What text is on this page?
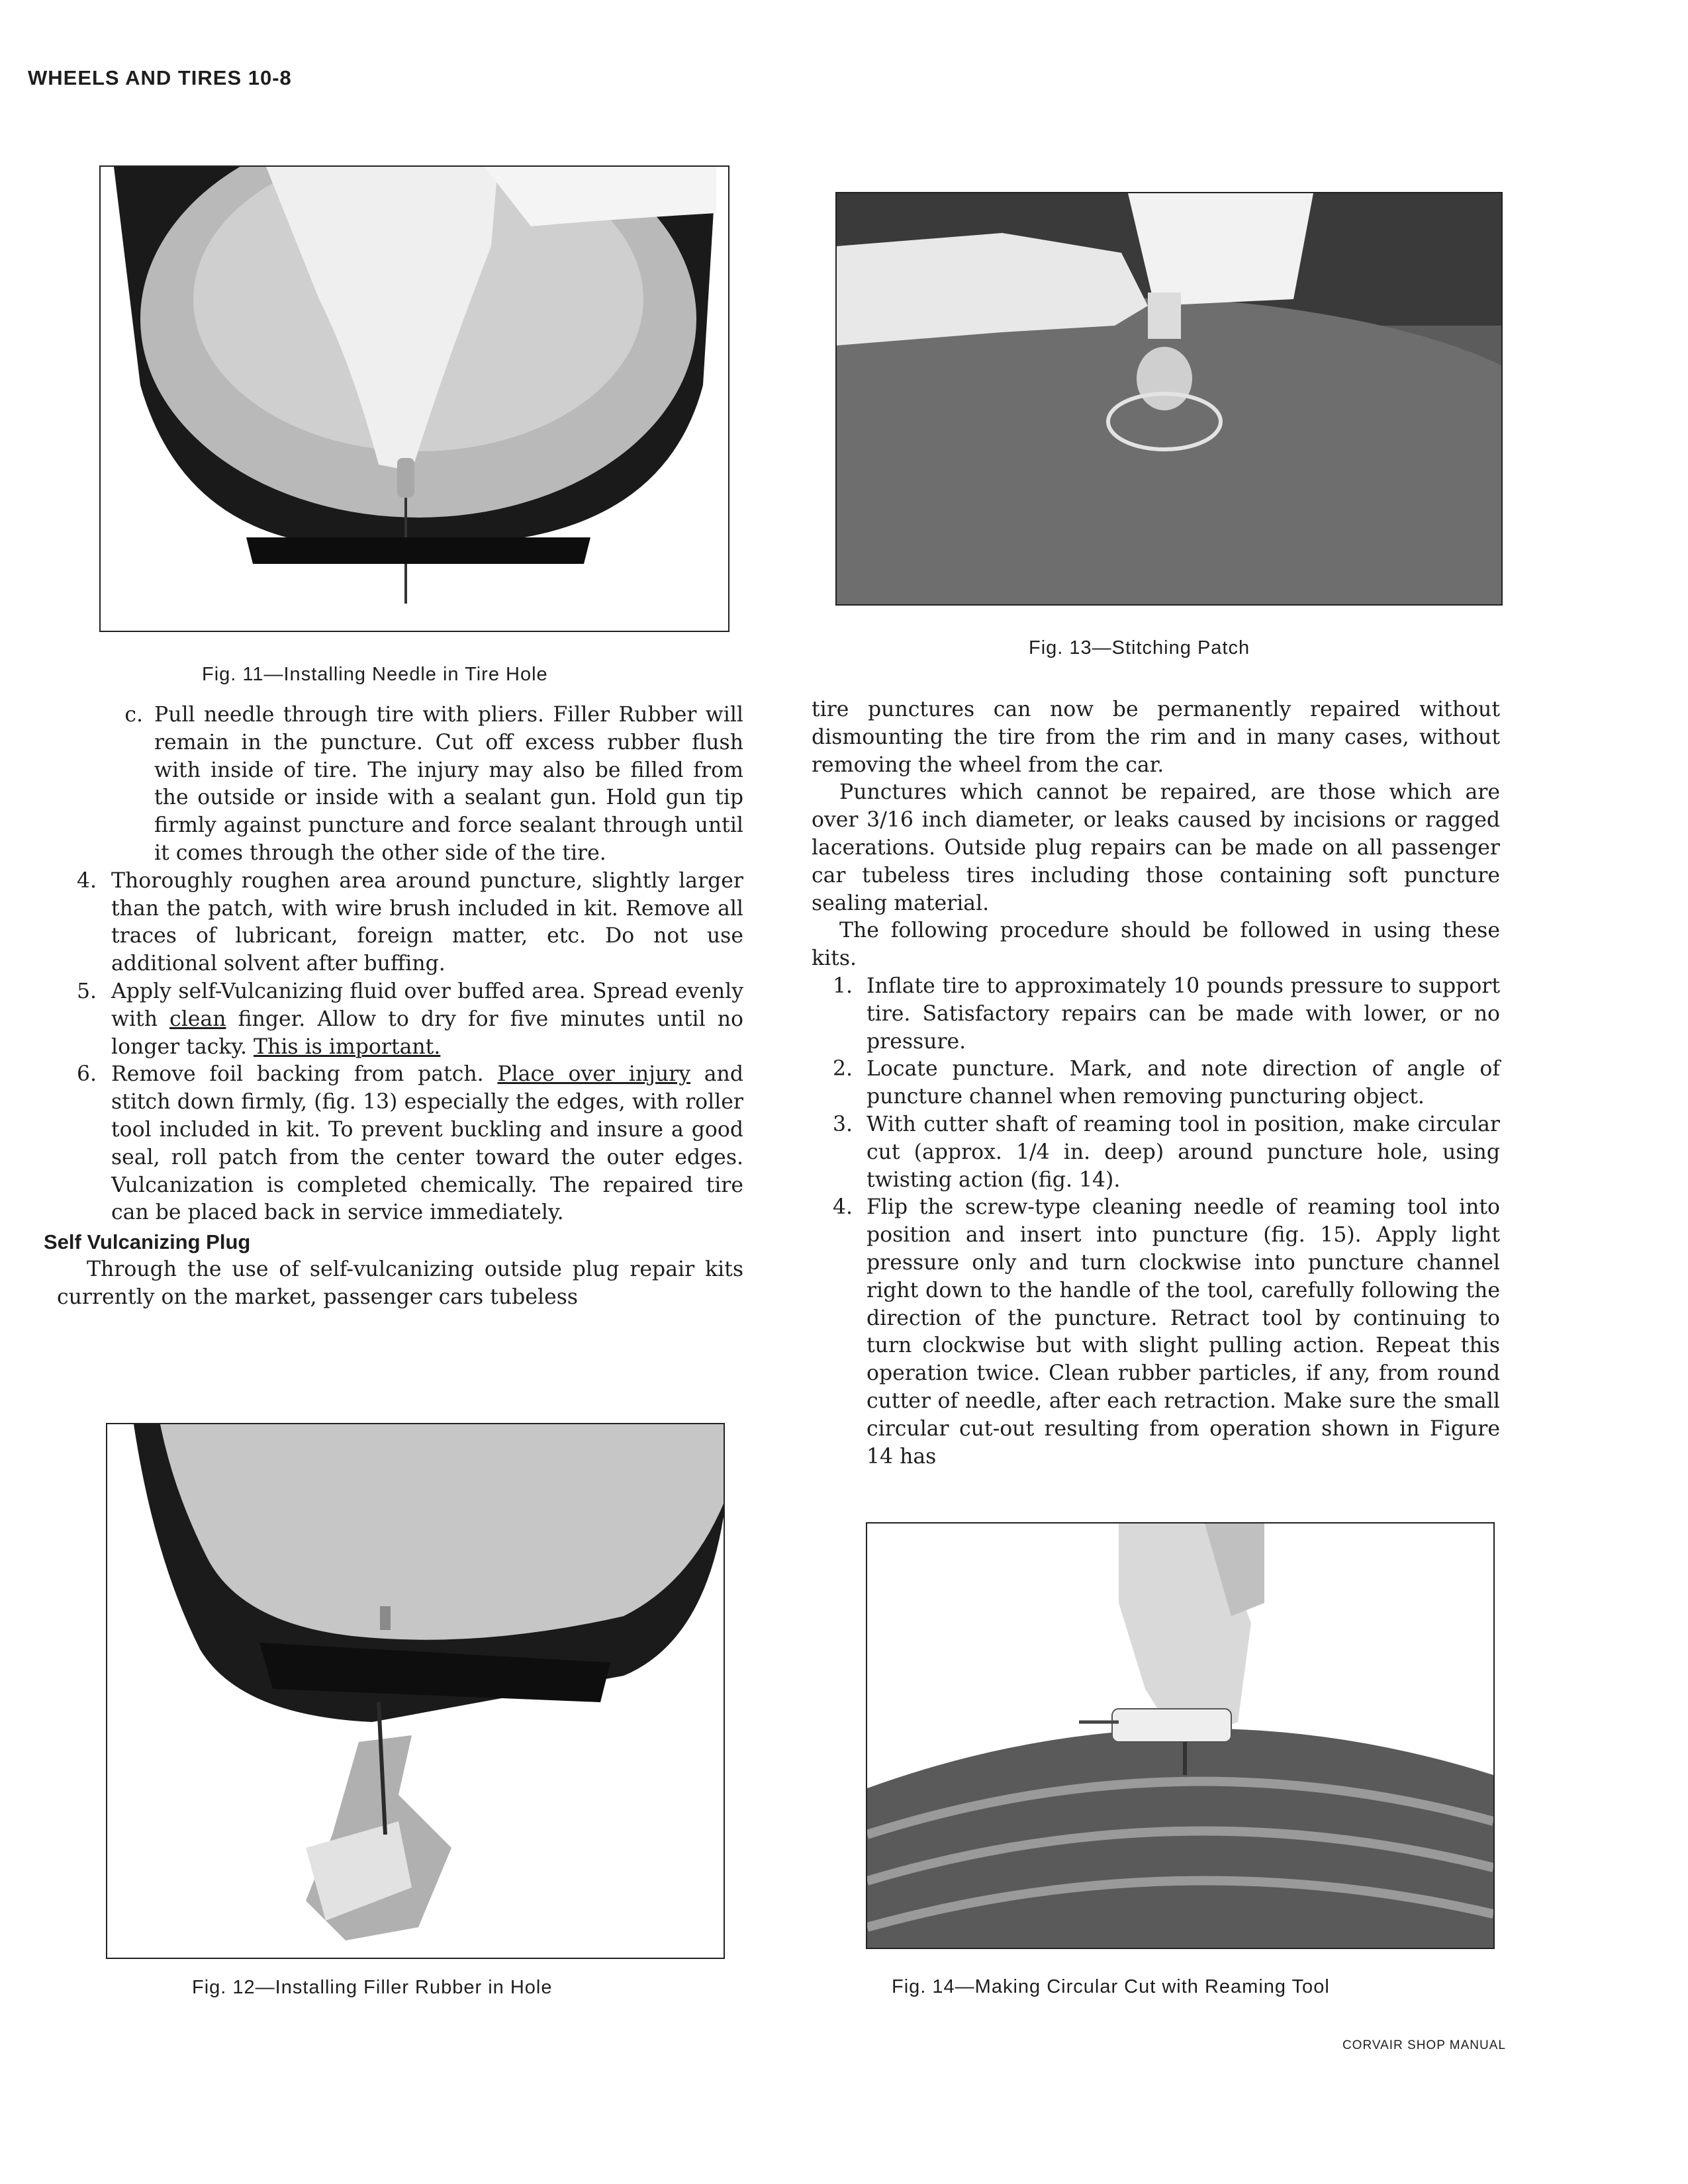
WHEELS AND TIRES 10-8
Fig. 11—Installing Needle in Tire Hole
Fig. 13—Stitching Patch
c. Pull needle through tire with pliers. Filler Rubber will remain in the puncture. Cut off excess rubber flush with inside of tire. The injury may also be filled from the outside or inside with a sealant gun. Hold gun tip firmly against puncture and force sealant through until it comes through the other side of the tire.

4. Thoroughly roughen area around puncture, slightly larger than the patch, with wire brush included in kit. Remove all traces of lubricant, foreign matter, etc. Do not use additional solvent after buffing.

5. Apply self-Vulcanizing fluid over buffed area. Spread evenly with clean finger. Allow to dry for five minutes until no longer tacky. This is important.

6. Remove foil backing from patch. Place over injury and stitch down firmly, (fig. 13) especially the edges, with roller tool included in kit. To prevent buckling and insure a good seal, roll patch from the center toward the outer edges. Vulcanization is completed chemically. The repaired tire can be placed back in service immediately.

Self Vulcanizing Plug

Through the use of self-vulcanizing outside plug repair kits currently on the market, passenger cars tubeless

tire punctures can now be permanently repaired without dismounting the tire from the rim and in many cases, without removing the wheel from the car.

Punctures which cannot be repaired, are those which are over 3/16 inch diameter, or leaks caused by incisions or ragged lacerations. Outside plug repairs can be made on all passenger car tubeless tires including those containing soft puncture sealing material.

The following procedure should be followed in using these kits.

1. Inflate tire to approximately 10 pounds pressure to support tire. Satisfactory repairs can be made with lower, or no pressure.

2. Locate puncture. Mark, and note direction of angle of puncture channel when removing puncturing object.

3. With cutter shaft of reaming tool in position, make circular cut (approx. 1/4 in. deep) around puncture hole, using twisting action (fig. 14).

4. Flip the screw-type cleaning needle of reaming tool into position and insert into puncture (fig. 15). Apply light pressure only and turn clockwise into puncture channel right down to the handle of the tool, carefully following the direction of the puncture. Retract tool by continuing to turn clockwise but with slight pulling action. Repeat this operation twice. Clean rubber particles, if any, from round cutter of needle, after each retraction. Make sure the small circular cut-out resulting from operation shown in Figure 14 has

Fig. 12—Installing Filler Rubber in Hole	Fig. 14—Making Circular Cut with Reaming Tool
CORVAIR SHOP MANUAL
